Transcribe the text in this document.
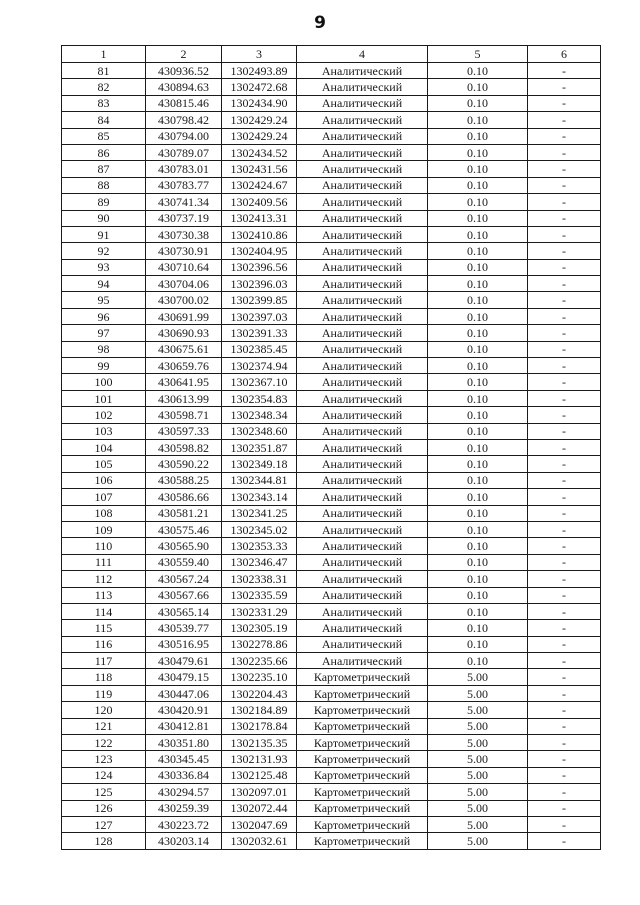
9
1	2	3	4	5	6
81	430936.52	1302493.89	Аналитический	0.10	-
82	430894.63	1302472.68	Аналитический	0.10	-
83	430815.46	1302434.90	Аналитический	0.10	-
84	430798.42	1302429.24	Аналитический	0.10	-
85	430794.00	1302429.24	Аналитический	0.10	-
86	430789.07	1302434.52	Аналитический	0.10	-
87	430783.01	1302431.56	Аналитический	0.10	-
88	430783.77	1302424.67	Аналитический	0.10	-
89	430741.34	1302409.56	Аналитический	0.10	-
90	430737.19	1302413.31	Аналитический	0.10	-
91	430730.38	1302410.86	Аналитический	0.10	-
92	430730.91	1302404.95	Аналитический	0.10	-
93	430710.64	1302396.56	Аналитический	0.10	-
94	430704.06	1302396.03	Аналитический	0.10	-
95	430700.02	1302399.85	Аналитический	0.10	-
96	430691.99	1302397.03	Аналитический	0.10	-
97	430690.93	1302391.33	Аналитический	0.10	-
98	430675.61	1302385.45	Аналитический	0.10	-
99	430659.76	1302374.94	Аналитический	0.10	-
100	430641.95	1302367.10	Аналитический	0.10	-
101	430613.99	1302354.83	Аналитический	0.10	-
102	430598.71	1302348.34	Аналитический	0.10	-
103	430597.33	1302348.60	Аналитический	0.10	-
104	430598.82	1302351.87	Аналитический	0.10	-
105	430590.22	1302349.18	Аналитический	0.10	-
106	430588.25	1302344.81	Аналитический	0.10	-
107	430586.66	1302343.14	Аналитический	0.10	-
108	430581.21	1302341.25	Аналитический	0.10	-
109	430575.46	1302345.02	Аналитический	0.10	-
110	430565.90	1302353.33	Аналитический	0.10	-
111	430559.40	1302346.47	Аналитический	0.10	-
112	430567.24	1302338.31	Аналитический	0.10	-
113	430567.66	1302335.59	Аналитический	0.10	-
114	430565.14	1302331.29	Аналитический	0.10	-
115	430539.77	1302305.19	Аналитический	0.10	-
116	430516.95	1302278.86	Аналитический	0.10	-
117	430479.61	1302235.66	Аналитический	0.10	-
118	430479.15	1302235.10	Картометрический	5.00	-
119	430447.06	1302204.43	Картометрический	5.00	-
120	430420.91	1302184.89	Картометрический	5.00	-
121	430412.81	1302178.84	Картометрический	5.00	-
122	430351.80	1302135.35	Картометрический	5.00	-
123	430345.45	1302131.93	Картометрический	5.00	-
124	430336.84	1302125.48	Картометрический	5.00	-
125	430294.57	1302097.01	Картометрический	5.00	-
126	430259.39	1302072.44	Картометрический	5.00	-
127	430223.72	1302047.69	Картометрический	5.00	-
128	430203.14	1302032.61	Картометрический	5.00	-
